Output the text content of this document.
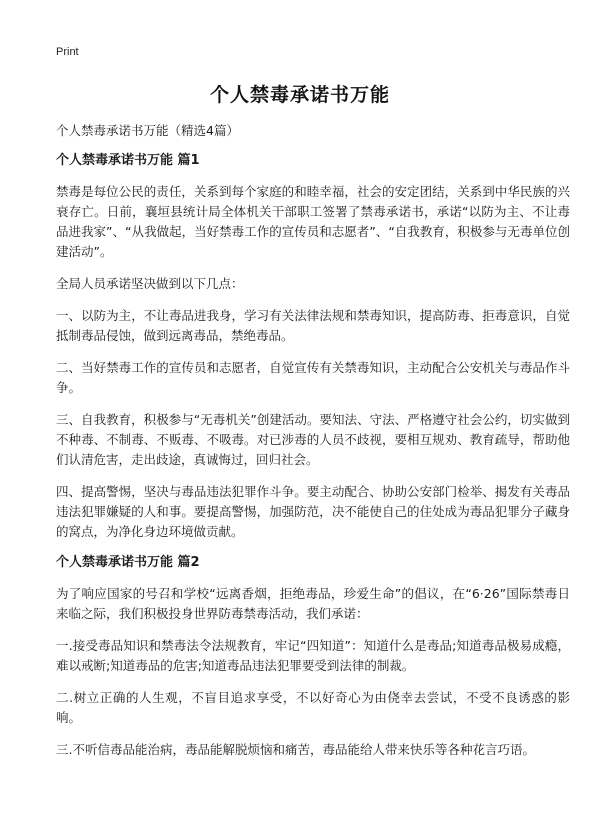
Print
个人禁毒承诺书万能
个人禁毒承诺书万能（精选4篇）
个人禁毒承诺书万能 篇1

禁毒是每位公民的责任，关系到每个家庭的和睦幸福，社会的安定团结，关系到中华民族的兴衰存亡。日前，襄垣县统计局全体机关干部职工签署了禁毒承诺书，承诺“以防为主、不让毒品进我家”、“从我做起，当好禁毒工作的宣传员和志愿者”、“自我教育，积极参与无毒单位创建活动”。

全局人员承诺坚决做到以下几点：

一、以防为主，不让毒品进我身，学习有关法律法规和禁毒知识，提高防毒、拒毒意识，自觉抵制毒品侵蚀，做到远离毒品，禁绝毒品。

二、当好禁毒工作的宣传员和志愿者，自觉宣传有关禁毒知识，主动配合公安机关与毒品作斗争。

三、自我教育，积极参与“无毒机关”创建活动。要知法、守法、严格遵守社会公约，切实做到不种毒、不制毒、不贩毒、不吸毒。对已涉毒的人员不歧视，要相互规劝、教育疏导，帮助他们认清危害，走出歧途，真诚悔过，回归社会。

四、提高警惕，坚决与毒品违法犯罪作斗争。要主动配合、协助公安部门检举、揭发有关毒品违法犯罪嫌疑的人和事。要提高警惕，加强防范，决不能使自己的住处成为毒品犯罪分子藏身的窝点，为净化身边环境做贡献。

个人禁毒承诺书万能 篇2

为了响应国家的号召和学校“远离香烟，拒绝毒品，珍爱生命”的倡议，在“6·26”国际禁毒日来临之际，我们积极投身世界防毒禁毒活动，我们承诺：

一.接受毒品知识和禁毒法令法规教育，牢记“四知道”：知道什么是毒品;知道毒品极易成瘾，难以戒断;知道毒品的危害;知道毒品违法犯罪要受到法律的制裁。

二.树立正确的人生观，不盲目追求享受，不以好奇心为由侥幸去尝试，不受不良诱惑的影响。

三.不听信毒品能治病，毒品能解脱烦恼和痛苦，毒品能给人带来快乐等各种花言巧语。
